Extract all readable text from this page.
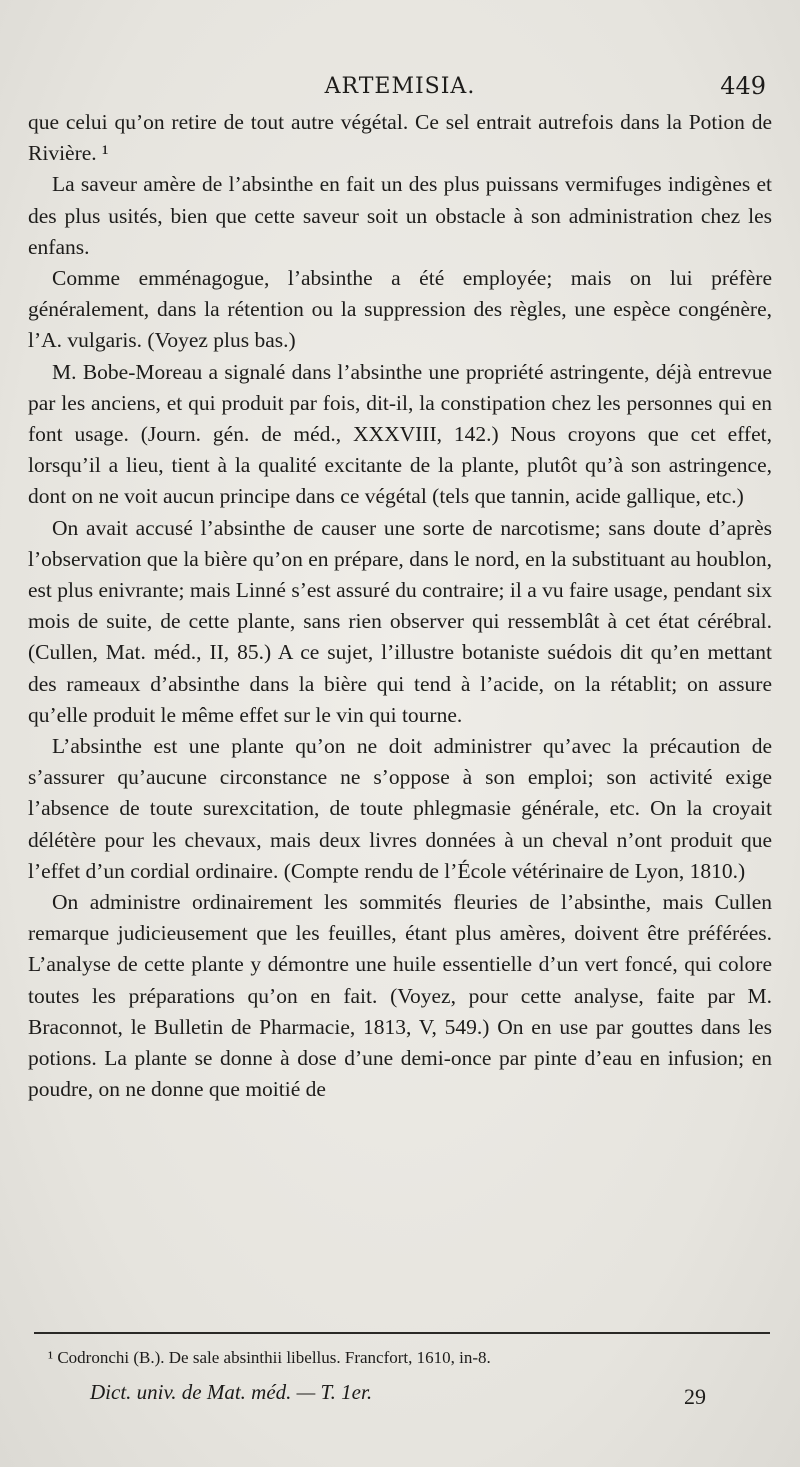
ARTEMISIA.	449

que celui qu’on retire de tout autre végétal. Ce sel entrait autrefois dans la Potion de Rivière. ¹

La saveur amère de l’absinthe en fait un des plus puissans vermifuges indigènes et des plus usités, bien que cette saveur soit un obstacle à son administration chez les enfans.

Comme emménagogue, l’absinthe a été employée; mais on lui préfère généralement, dans la rétention ou la suppression des règles, une espèce congénère, l’A. vulgaris. (Voyez plus bas.)

M. Bobe-Moreau a signalé dans l’absinthe une propriété astringente, déjà entrevue par les anciens, et qui produit par fois, dit-il, la constipation chez les personnes qui en font usage. (Journ. gén. de méd., XXXVIII, 142.) Nous croyons que cet effet, lorsqu’il a lieu, tient à la qualité excitante de la plante, plutôt qu’à son astringence, dont on ne voit aucun principe dans ce végétal (tels que tannin, acide gallique, etc.)

On avait accusé l’absinthe de causer une sorte de narcotisme; sans doute d’après l’observation que la bière qu’on en prépare, dans le nord, en la substituant au houblon, est plus enivrante; mais Linné s’est assuré du contraire; il a vu faire usage, pendant six mois de suite, de cette plante, sans rien observer qui ressemblât à cet état cérébral. (Cullen, Mat. méd., II, 85.) A ce sujet, l’illustre botaniste suédois dit qu’en mettant des rameaux d’absinthe dans la bière qui tend à l’acide, on la rétablit; on assure qu’elle produit le même effet sur le vin qui tourne.

L’absinthe est une plante qu’on ne doit administrer qu’avec la précaution de s’assurer qu’aucune circonstance ne s’oppose à son emploi; son activité exige l’absence de toute surexcitation, de toute phlegmasie générale, etc. On la croyait délétère pour les chevaux, mais deux livres données à un cheval n’ont produit que l’effet d’un cordial ordinaire. (Compte rendu de l’École vétérinaire de Lyon, 1810.)

On administre ordinairement les sommités fleuries de l’absinthe, mais Cullen remarque judicieusement que les feuilles, étant plus amères, doivent être préférées. L’analyse de cette plante y démontre une huile essentielle d’un vert foncé, qui colore toutes les préparations qu’on en fait. (Voyez, pour cette analyse, faite par M. Braconnot, le Bulletin de Pharmacie, 1813, V, 549.) On en use par gouttes dans les potions. La plante se donne à dose d’une demi-once par pinte d’eau en infusion; en poudre, on ne donne que moitié de

¹ Codronchi (B.). De sale absinthii libellus. Francfort, 1610, in-8.
Dict. univ. de Mat. méd. — T. 1er.	29
